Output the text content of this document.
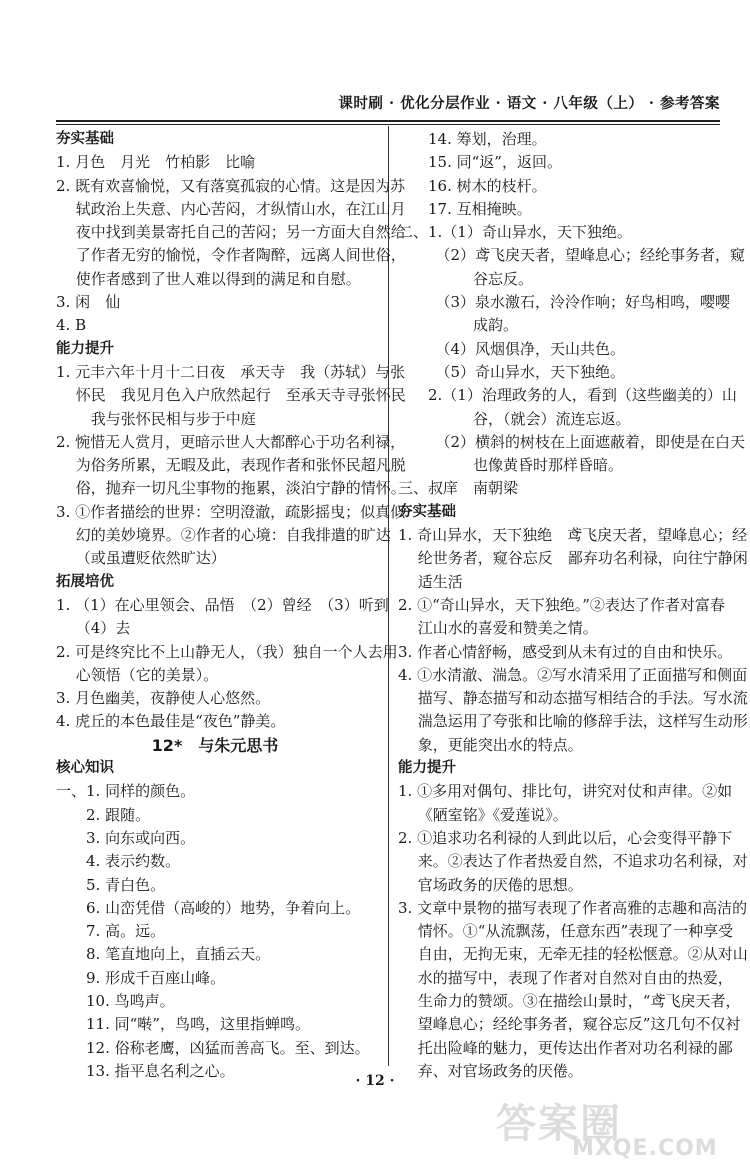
课时刷 · 优化分层作业 · 语文 · 八年级（上） · 参考答案
夯实基础
1. 月色　月光　竹柏影　比喻
2. 既有欢喜愉悦，又有落寞孤寂的心情。这是因为苏
　 轼政治上失意、内心苦闷，才纵情山水，在江山月
　 夜中找到美景寄托自己的苦闷；另一方面大自然给
　 了作者无穷的愉悦，令作者陶醉，远离人间世俗，
　 使作者感到了世人难以得到的满足和自慰。
3. 闲　仙
4. B
能力提升
1. 元丰六年十月十二日夜　承天寺　我（苏轼）与张
　 怀民　我见月色入户欣然起行　至承天寺寻张怀民
　 　我与张怀民相与步于中庭
2. 惋惜无人赏月，更暗示世人大都醉心于功名利禄，
　 为俗务所累，无暇及此，表现作者和张怀民超凡脱
　 俗，抛弃一切凡尘事物的拖累，淡泊宁静的情怀。
3. ①作者描绘的世界：空明澄澈，疏影摇曳；似真似
　 幻的美妙境界。②作者的心境：自我排遣的旷达
　 （或虽遭贬依然旷达）
拓展培优
1. （1）在心里领会、品悟　（2）曾经　（3）听到
　 （4）去
2. 可是终究比不上山静无人，（我）独自一个人去用
　 心领悟（它的美景）。
3. 月色幽美，夜静使人心悠然。
4. 虎丘的本色最佳是“夜色”静美。
12*　与朱元思书
核心知识
一、1. 同样的颜色。
　　2. 跟随。
　　3. 向东或向西。
　　4. 表示约数。
　　5. 青白色。
　　6. 山峦凭借（高峻的）地势，争着向上。
　　7. 高。远。
　　8. 笔直地向上，直插云天。
　　9. 形成千百座山峰。
　　10. 鸟鸣声。
　　11. 同“啭”，鸟鸣，这里指蝉鸣。
　　12. 俗称老鹰，凶猛而善高飞。至、到达。
　　13. 指平息名利之心。
　　14. 筹划，治理。
　　15. 同“返”，返回。
　　16. 树木的枝杆。
　　17. 互相掩映。
二、1.（1）奇山异水，天下独绝。
　　　（2）鸢飞戾天者，望峰息心；经纶事务者，窥
　　　　　谷忘反。
　　　（3）泉水激石，泠泠作响；好鸟相鸣，嘤嘤
　　　　　成韵。
　　　（4）风烟俱净，天山共色。
　　　（5）奇山异水，天下独绝。
　　2.（1）治理政务的人，看到（这些幽美的）山
　　　　　谷，（就会）流连忘返。
　　　（2）横斜的树枝在上面遮蔽着，即使是在白天
　　　　　也像黄昏时那样昏暗。
三、叔庠　南朝梁
夯实基础
1. 奇山异水，天下独绝　鸢飞戾天者，望峰息心；经
　 纶世务者，窥谷忘反　鄙弃功名利禄，向往宁静闲
　 适生活
2. ①“奇山异水，天下独绝。”②表达了作者对富春
　 江山水的喜爱和赞美之情。
3. 作者心情舒畅，感受到从未有过的自由和快乐。
4. ①水清澈、湍急。②写水清采用了正面描写和侧面
　 描写、静态描写和动态描写相结合的手法。写水流
　 湍急运用了夸张和比喻的修辞手法，这样写生动形
　 象，更能突出水的特点。
能力提升
1. ①多用对偶句、排比句，讲究对仗和声律。②如
　 《陋室铭》《爱莲说》。
2. ①追求功名利禄的人到此以后，心会变得平静下
　 来。②表达了作者热爱自然，不追求功名利禄，对
　 官场政务的厌倦的思想。
3. 文章中景物的描写表现了作者高雅的志趣和高洁的
　 情怀。①“从流飘荡，任意东西”表现了一种享受
　 自由，无拘无束，无牵无挂的轻松惬意。②从对山
　 水的描写中，表现了作者对自然对自由的热爱，
　 生命力的赞颂。③在描绘山景时，“鸢飞戾天者，
　 望峰息心；经纶事务者，窥谷忘反”这几句不仅衬
　 托出险峰的魅力，更传达出作者对功名利禄的鄙
　 弃、对官场政务的厌倦。
· 12 ·
答案圈
MXQE.COM
